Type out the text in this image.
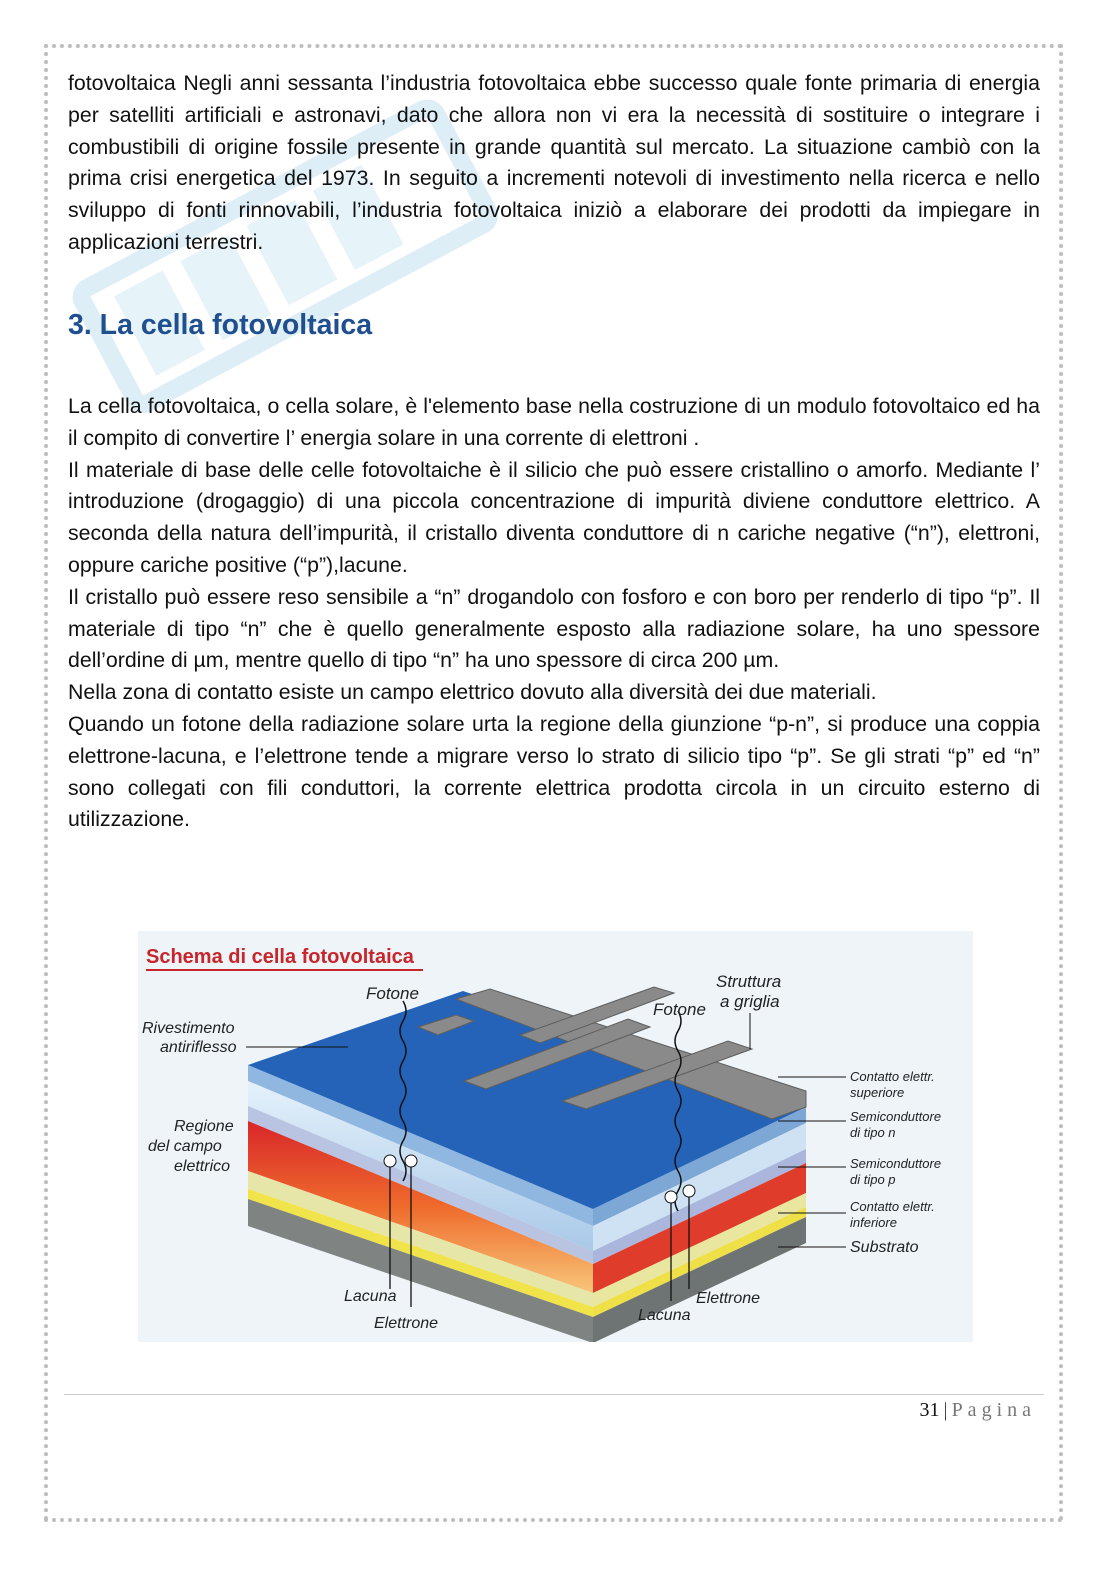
fotovoltaica Negli anni sessanta l’industria fotovoltaica ebbe successo quale fonte primaria di energia per satelliti artificiali e astronavi, dato che allora non vi era la necessità di sostituire o integrare i combustibili di origine fossile presente in grande quantità sul mercato. La situazione cambiò con la prima crisi energetica del 1973. In seguito a incrementi notevoli di investimento nella ricerca e nello sviluppo di fonti rinnovabili, l’industria fotovoltaica iniziò a elaborare dei prodotti da impiegare in applicazioni terrestri.

3. La cella fotovoltaica

La cella fotovoltaica, o cella solare, è l'elemento base nella costruzione di un modulo fotovoltaico ed ha il compito di convertire l’ energia solare in una corrente di elettroni .

Il materiale di base delle celle fotovoltaiche è il silicio che può essere cristallino o amorfo. Mediante l’ introduzione (drogaggio) di una piccola concentrazione di impurità diviene conduttore elettrico. A seconda della natura dell’impurità, il cristallo diventa conduttore di n cariche negative (“n”), elettroni, oppure cariche positive (“p”),lacune.

Il cristallo può essere reso sensibile a “n” drogandolo con fosforo e con boro per renderlo di tipo “p”. Il materiale di tipo “n” che è quello generalmente esposto alla radiazione solare, ha uno spessore dell’ordine di µm, mentre quello di tipo “n” ha uno spessore di circa 200 µm.

Nella zona di contatto esiste un campo elettrico dovuto alla diversità dei due materiali.

Quando un fotone della radiazione solare urta la regione della giunzione “p-n”, si produce una coppia elettrone-lacuna, e l’elettrone tende a migrare verso lo strato di silicio tipo “p”. Se gli strati “p” ed “n” sono collegati con fili conduttori, la corrente elettrica prodotta circola in un circuito esterno di utilizzazione.

Schema di cella fotovoltaica
Fotone
Rivestimento
antiriflesso
Regione
del campo
elettrico
Lacuna
Elettrone
Struttura
a griglia
Fotone
Contatto elettr.
superiore
Semiconduttore
di tipo n
Semiconduttore
di tipo p
Contatto elettr.
inferiore
Substrato
Elettrone
Lacuna
31 | Pagina
